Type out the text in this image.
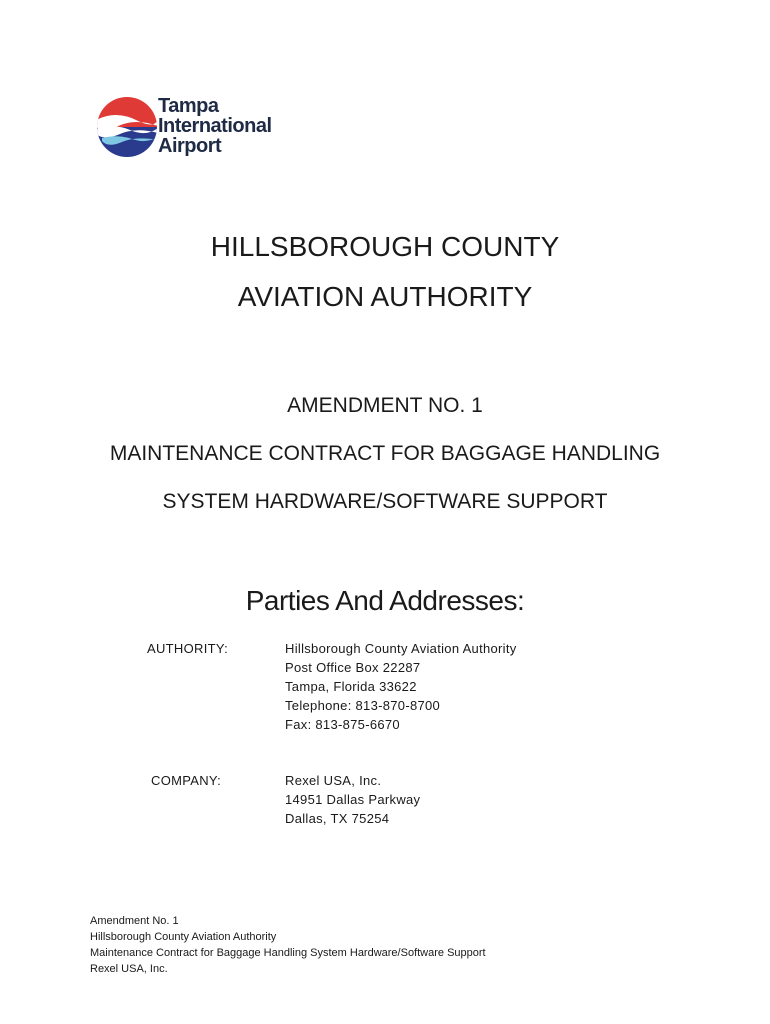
Tampa
International
Airport
HILLSBOROUGH COUNTY
AVIATION AUTHORITY
AMENDMENT NO. 1
MAINTENANCE CONTRACT FOR BAGGAGE HANDLING
SYSTEM HARDWARE/SOFTWARE SUPPORT
Parties And Addresses:
AUTHORITY:	Hillsborough County Aviation Authority
Post Office Box 22287
Tampa, Florida 33622
Telephone: 813-870-8700
Fax: 813-875-6670
COMPANY:	Rexel USA, Inc.
14951 Dallas Parkway
Dallas, TX 75254
Amendment No. 1
Hillsborough County Aviation Authority
Maintenance Contract for Baggage Handling System Hardware/Software Support
Rexel USA, Inc.
